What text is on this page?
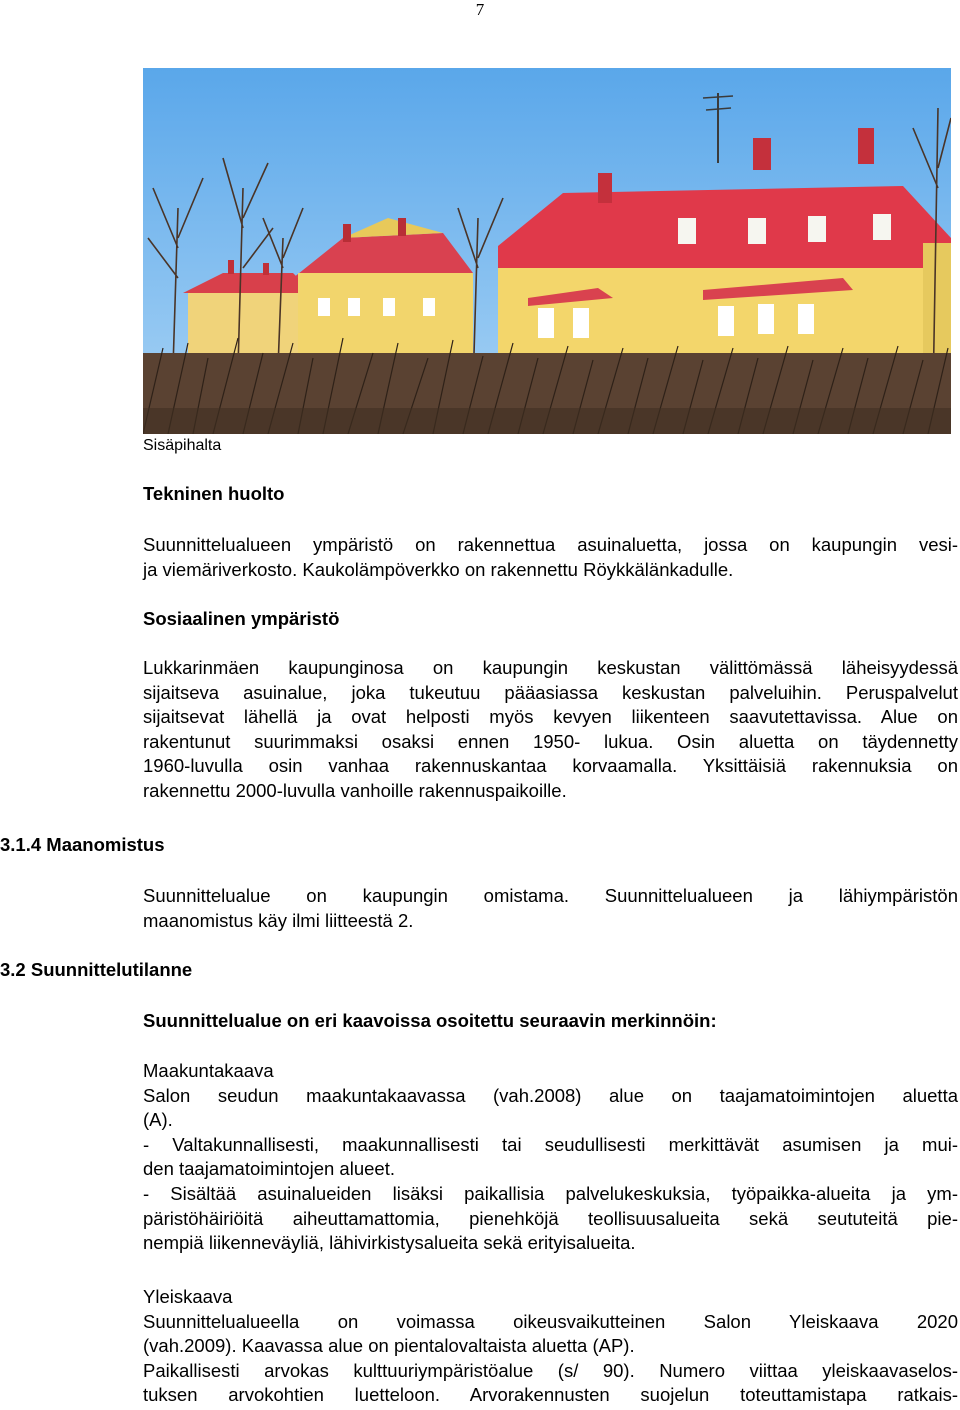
7
Sisäpihalta
Tekninen huolto
Suunnittelualueen ympäristö on rakennettua asuinaluetta, jossa on kaupungin vesi-
ja viemäriverkosto. Kaukolämpöverkko on rakennettu Röykkälänkadulle.
Sosiaalinen ympäristö
Lukkarinmäen kaupunginosa on kaupungin keskustan välittömässä läheisyydessä
sijaitseva asuinalue, joka tukeutuu pääasiassa keskustan palveluihin. Peruspalvelut
sijaitsevat lähellä ja ovat helposti myös kevyen liikenteen saavutettavissa. Alue on
rakentunut suurimmaksi osaksi ennen 1950- lukua. Osin aluetta on täydennetty
1960-luvulla osin vanhaa rakennuskantaa korvaamalla. Yksittäisiä rakennuksia on
rakennettu 2000-luvulla vanhoille rakennuspaikoille.
3.1.4 Maanomistus
Suunnittelualue on kaupungin omistama. Suunnittelualueen ja lähiympäristön
maanomistus käy ilmi liitteestä 2.
3.2 Suunnittelutilanne
Suunnittelualue on eri kaavoissa osoitettu seuraavin merkinnöin:
Maakuntakaava
Salon seudun maakuntakaavassa (vah.2008) alue on taajamatoimintojen aluetta
(A).
- Valtakunnallisesti, maakunnallisesti tai seudullisesti merkittävät asumisen ja mui-
den taajamatoimintojen alueet.
- Sisältää asuinalueiden lisäksi paikallisia palvelukeskuksia, työpaikka-alueita ja ym-
päristöhäiriöitä aiheuttamattomia, pienehköjä teollisuusalueita sekä seututeitä pie-
nempiä liikenneväyliä, lähivirkistysalueita sekä erityisalueita.
Yleiskaava
Suunnittelualueella on voimassa oikeusvaikutteinen Salon Yleiskaava 2020
(vah.2009). Kaavassa alue on pientalovaltaista aluetta (AP).
Paikallisesti arvokas kulttuuriympäristöalue (s/ 90). Numero viittaa yleiskaavaselos-
tuksen arvokohtien luetteloon. Arvorakennusten suojelun toteuttamistapa ratkais-
